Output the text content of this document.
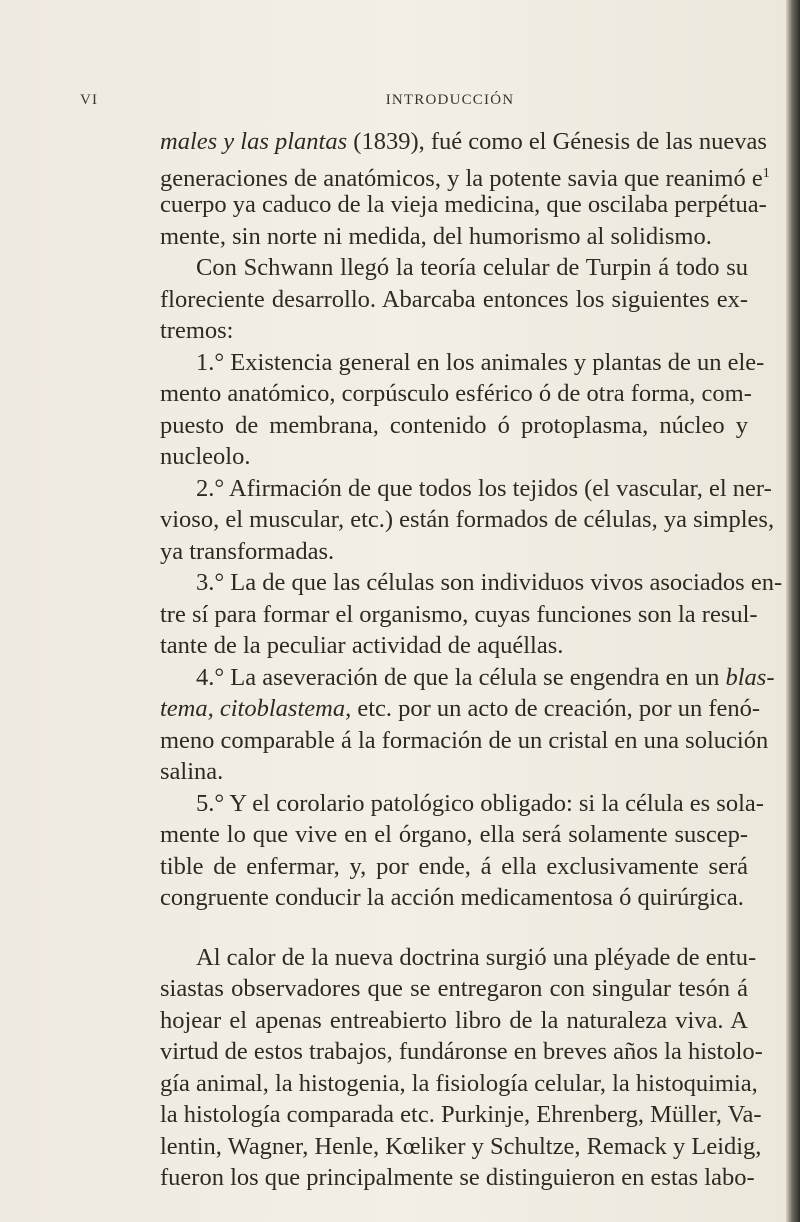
VI	INTRODUCCIÓN
males y las plantas (1839), fué como el Génesis de las nuevas
generaciones de anatómicos, y la potente savia que reanimó $e^1$
cuerpo ya caduco de la vieja medicina, que oscilaba perpétua-
mente, sin norte ni medida, del humorismo al solidismo.
Con Schwann llegó la teoría celular de Turpin á todo su
floreciente desarrollo. Abarcaba entonces los siguientes ex-
tremos:
1.° Existencia general en los animales y plantas de un ele-
mento anatómico, corpúsculo esférico ó de otra forma, com-
puesto de membrana, contenido ó protoplasma, núcleo y
nucleolo.
2.° Afirmación de que todos los tejidos (el vascular, el ner-
vioso, el muscular, etc.) están formados de células, ya simples,
ya transformadas.
3.° La de que las células son individuos vivos asociados en-
tre sí para formar el organismo, cuyas funciones son la resul-
tante de la peculiar actividad de aquéllas.
4.° La aseveración de que la célula se engendra en un blas-
tema, citoblastema, etc. por un acto de creación, por un fenó-
meno comparable á la formación de un cristal en una solución
salina.
5.° Y el corolario patológico obligado: si la célula es sola-
mente lo que vive en el órgano, ella será solamente suscep-
tible de enfermar, y, por ende, á ella exclusivamente será
congruente conducir la acción medicamentosa ó quirúrgica.
Al calor de la nueva doctrina surgió una pléyade de entu-
siastas observadores que se entregaron con singular tesón á
hojear el apenas entreabierto libro de la naturaleza viva. A
virtud de estos trabajos, fundáronse en breves años la histolo-
gía animal, la histogenia, la fisiología celular, la histoquimia,
la histología comparada etc. Purkinje, Ehrenberg, Müller, Va-
lentin, Wagner, Henle, Kœliker y Schultze, Remack y Leidig,
fueron los que principalmente se distinguieron en estas labo-
